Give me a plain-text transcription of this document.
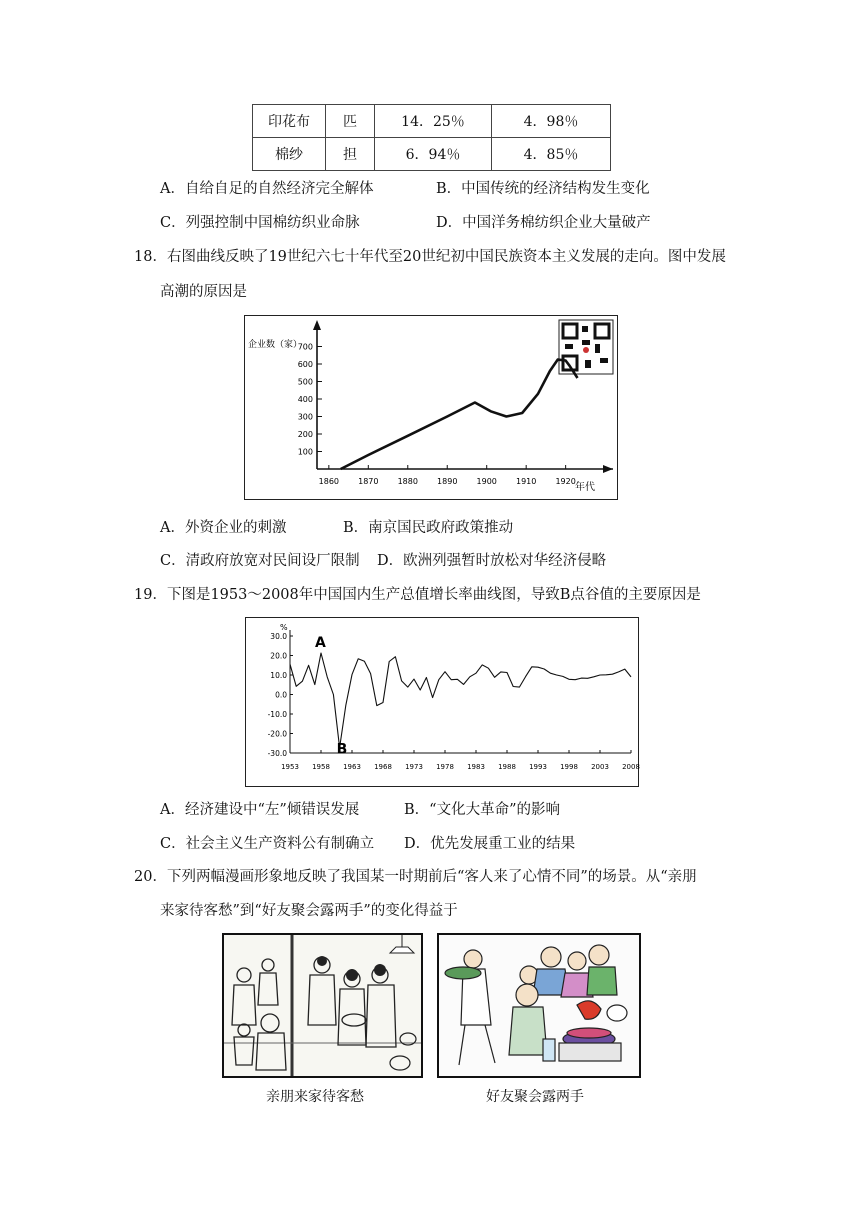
印花布	匹	14．25％	4．98％
棉纱	担	6．94％	4．85％
A．自给自足的自然经济完全解体	B．中国传统的经济结构发生变化
C．列强控制中国棉纺织业命脉	D．中国洋务棉纺织企业大量破产
18．右图曲线反映了19世纪六七十年代至20世纪初中国民族资本主义发展的走向。图中发展
高潮的原因是
企业数（家）
年代
100
200
300
400
500
600
700
1860 1870 1880 1890 1900 1910 1920
A．外资企业的刺激	B．南京国民政府政策推动
C．清政府放宽对民间设厂限制 D．欧洲列强暂时放松对华经济侵略
19．下图是1953～2008年中国国内生产总值增长率曲线图，导致B点谷值的主要原因是
%
30.0
20.0
10.0
0.0
-10.0
-20.0
-30.0
1953 1958 1963 1968 1973 1978 1983 1988 1993 1998 2003 2008
A
B
A．经济建设中“左”倾错误发展	B．“文化大革命”的影响
C．社会主义生产资料公有制确立 D．优先发展重工业的结果
20．下列两幅漫画形象地反映了我国某一时期前后“客人来了心情不同”的场景。从“亲朋
来家待客愁”到“好友聚会露两手”的变化得益于
亲朋来家待客愁	好友聚会露两手
